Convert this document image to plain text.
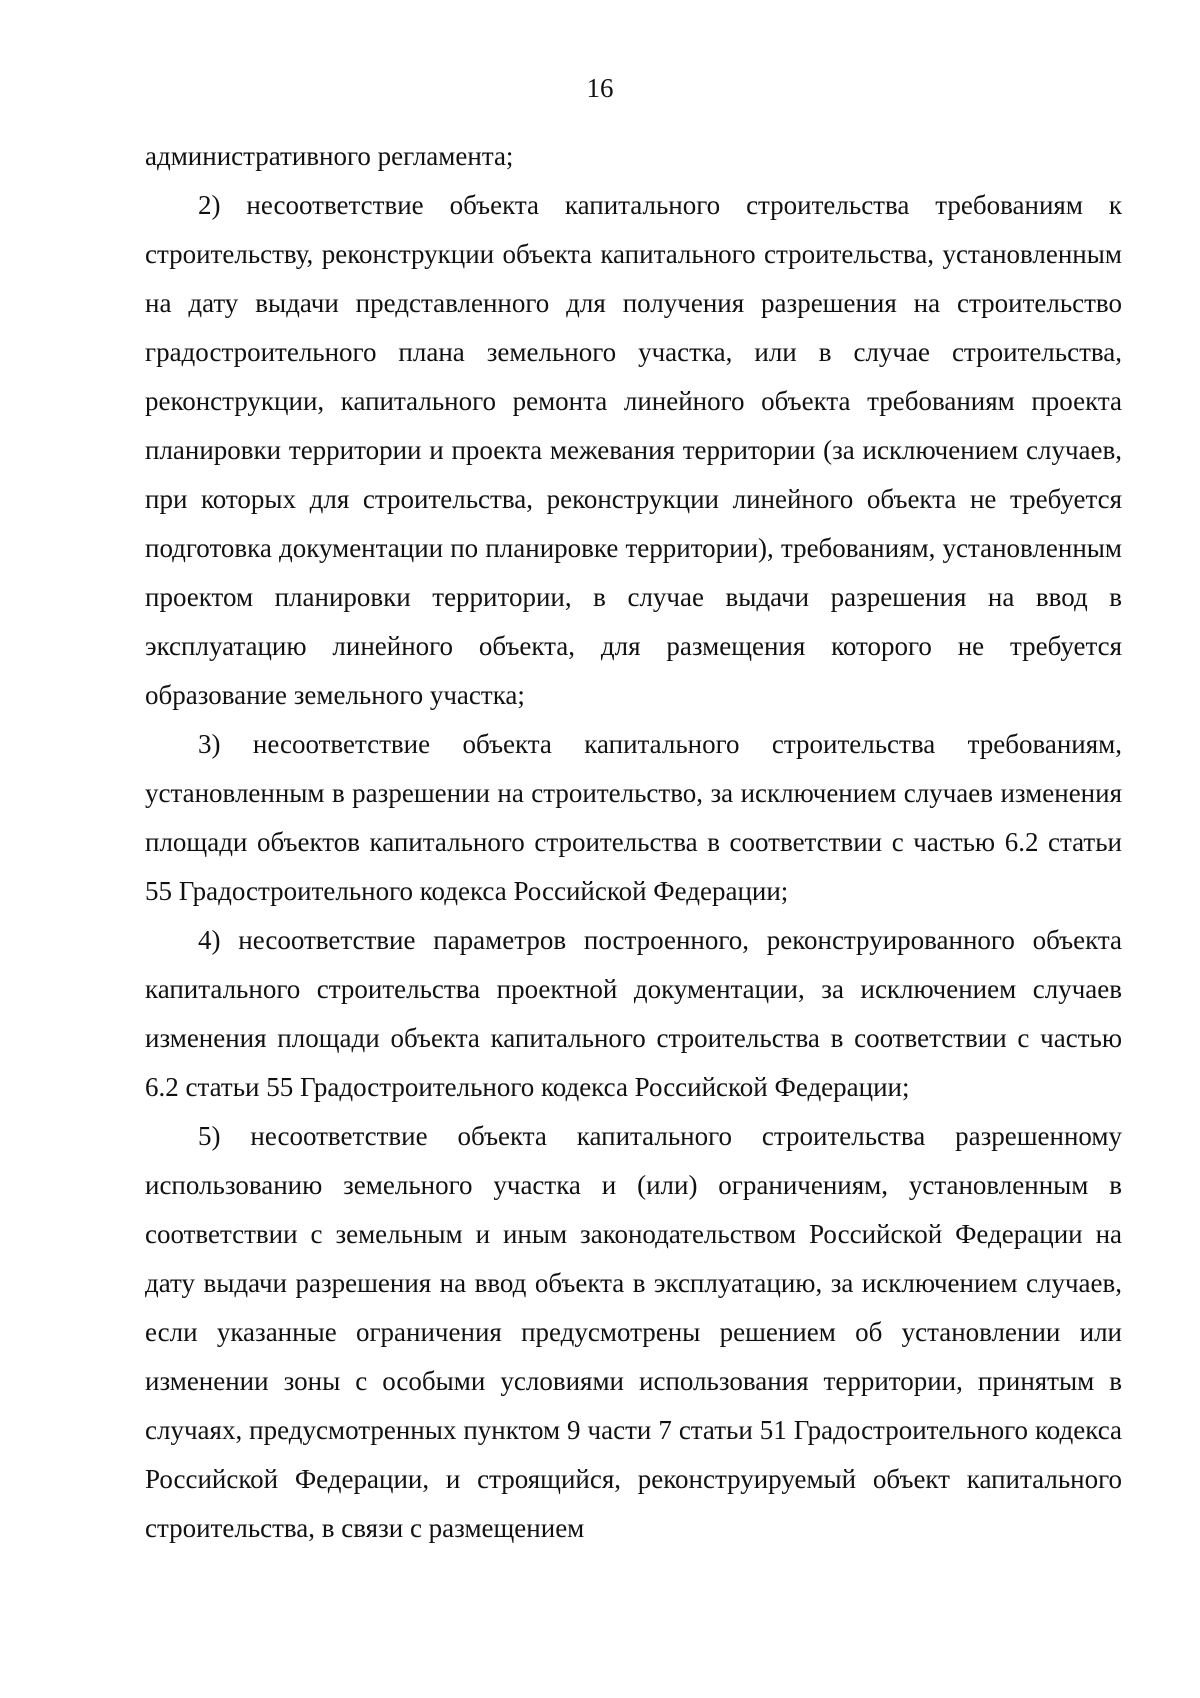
16

административного регламента;

2) несоответствие объекта капитального строительства требованиям к строительству, реконструкции объекта капитального строительства, установленным на дату выдачи представленного для получения разрешения на строительство градостроительного плана земельного участка, или в случае строительства, реконструкции, капитального ремонта линейного объекта требованиям проекта планировки территории и проекта межевания территории (за исключением случаев, при которых для строительства, реконструкции линейного объекта не требуется подготовка документации по планировке территории), требованиям, установленным проектом планировки территории, в случае выдачи разрешения на ввод в эксплуатацию линейного объекта, для размещения которого не требуется образование земельного участка;

3) несоответствие объекта капитального строительства требованиям, установленным в разрешении на строительство, за исключением случаев изменения площади объектов капитального строительства в соответствии с частью 6.2 статьи 55 Градостроительного кодекса Российской Федерации;

4) несоответствие параметров построенного, реконструированного объекта капитального строительства проектной документации, за исключением случаев изменения площади объекта капитального строительства в соответствии с частью 6.2 статьи 55 Градостроительного кодекса Российской Федерации;

5) несоответствие объекта капитального строительства разрешенному использованию земельного участка и (или) ограничениям, установленным в соответствии с земельным и иным законодательством Российской Федерации на дату выдачи разрешения на ввод объекта в эксплуатацию, за исключением случаев, если указанные ограничения предусмотрены решением об установлении или изменении зоны с особыми условиями использования территории, принятым в случаях, предусмотренных пунктом 9 части 7 статьи 51 Градостроительного кодекса Российской Федерации, и строящийся, реконструируемый объект капитального строительства, в связи с размещением
